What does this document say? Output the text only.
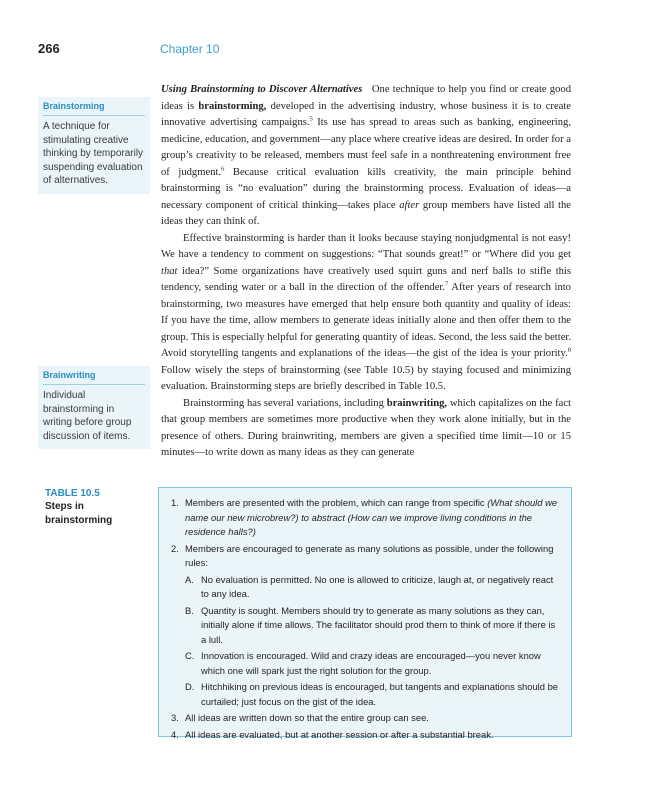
266	Chapter 10
Brainstorming
A technique for stimulating creative thinking by temporarily suspending evaluation of alternatives.
Brainwriting
Individual brainstorming in writing before group discussion of items.

Using Brainstorming to Discover Alternatives One technique to help you find or create good ideas is brainstorming, developed in the advertising industry, whose business it is to create innovative advertising campaigns.$^5$ Its use has spread to areas such as banking, engineering, medicine, education, and government—any place where creative ideas are desired. In order for a group’s creativity to be released, members must feel safe in a nonthreatening environment free of judgment.$^6$ Because critical evaluation kills creativity, the main principle behind brainstorming is “no evaluation” during the brainstorming process. Evaluation of ideas—a necessary component of critical thinking—takes place after group members have listed all the ideas they can think of.

Effective brainstorming is harder than it looks because staying nonjudgmental is not easy! We have a tendency to comment on suggestions: “That sounds great!” or “Where did you get that idea?” Some organizations have creatively used squirt guns and nerf balls to stifle this tendency, sending water or a ball in the direction of the offender.$^7$ After years of research into brainstorming, two measures have emerged that help ensure both quantity and quality of ideas: If you have the time, allow members to generate ideas initially alone and then offer them to the group. This is especially helpful for generating quantity of ideas. Second, the less said the better. Avoid storytelling tangents and explanations of the ideas—the gist of the idea is your priority.$^8$ Follow wisely the steps of brainstorming (see Table 10.5) by staying focused and minimizing evaluation. Brainstorming steps are briefly described in Table 10.5.

Brainstorming has several variations, including brainwriting, which capitalizes on the fact that group members are sometimes more productive when they work alone initially, but in the presence of others. During brainwriting, members are given a specified time limit—10 or 15 minutes—to write down as many ideas as they can generate

TABLE 10.5
Steps in brainstorming
1. Members are presented with the problem, which can range from specific (What should we name our new microbrew?) to abstract (How can we improve living conditions in the residence halls?)
2. Members are encouraged to generate as many solutions as possible, under the following rules:
A. No evaluation is permitted. No one is allowed to criticize, laugh at, or negatively react to any idea.
B. Quantity is sought. Members should try to generate as many solutions as they can, initially alone if time allows. The facilitator should prod them to think of more if there is a lull.
C. Innovation is encouraged. Wild and crazy ideas are encouraged—you never know which one will spark just the right solution for the group.
D. Hitchhiking on previous ideas is encouraged, but tangents and explanations should be curtailed; just focus on the gist of the idea.
3. All ideas are written down so that the entire group can see.
4. All ideas are evaluated, but at another session or after a substantial break.
